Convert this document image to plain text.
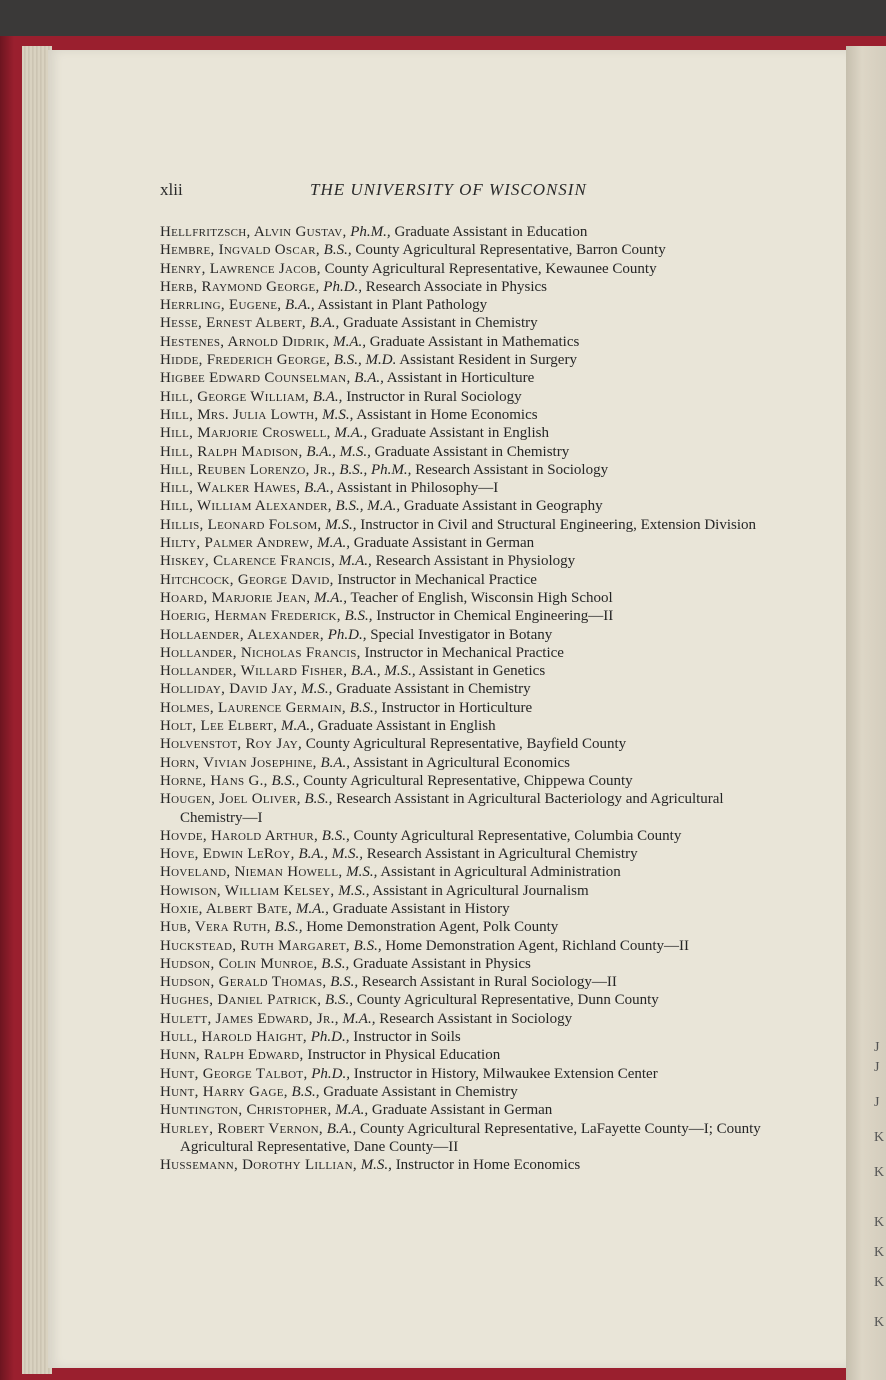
xlii	THE UNIVERSITY OF WISCONSIN
Hellfritzsch, Alvin Gustav, Ph.M., Graduate Assistant in Education
Hembre, Ingvald Oscar, B.S., County Agricultural Representative, Barron County
Henry, Lawrence Jacob, County Agricultural Representative, Kewaunee County
Herb, Raymond George, Ph.D., Research Associate in Physics
Herrling, Eugene, B.A., Assistant in Plant Pathology
Hesse, Ernest Albert, B.A., Graduate Assistant in Chemistry
Hestenes, Arnold Didrik, M.A., Graduate Assistant in Mathematics
Hidde, Frederich George, B.S., M.D. Assistant Resident in Surgery
Higbee Edward Counselman, B.A., Assistant in Horticulture
Hill, George William, B.A., Instructor in Rural Sociology
Hill, Mrs. Julia Lowth, M.S., Assistant in Home Economics
Hill, Marjorie Croswell, M.A., Graduate Assistant in English
Hill, Ralph Madison, B.A., M.S., Graduate Assistant in Chemistry
Hill, Reuben Lorenzo, Jr., B.S., Ph.M., Research Assistant in Sociology
Hill, Walker Hawes, B.A., Assistant in Philosophy—I
Hill, William Alexander, B.S., M.A., Graduate Assistant in Geography
Hillis, Leonard Folsom, M.S., Instructor in Civil and Structural Engineering, Extension Division
Hilty, Palmer Andrew, M.A., Graduate Assistant in German
Hiskey, Clarence Francis, M.A., Research Assistant in Physiology
Hitchcock, George David, Instructor in Mechanical Practice
Hoard, Marjorie Jean, M.A., Teacher of English, Wisconsin High School
Hoerig, Herman Frederick, B.S., Instructor in Chemical Engineering—II
Hollaender, Alexander, Ph.D., Special Investigator in Botany
Hollander, Nicholas Francis, Instructor in Mechanical Practice
Hollander, Willard Fisher, B.A., M.S., Assistant in Genetics
Holliday, David Jay, M.S., Graduate Assistant in Chemistry
Holmes, Laurence Germain, B.S., Instructor in Horticulture
Holt, Lee Elbert, M.A., Graduate Assistant in English
Holvenstot, Roy Jay, County Agricultural Representative, Bayfield County
Horn, Vivian Josephine, B.A., Assistant in Agricultural Economics
Horne, Hans G., B.S., County Agricultural Representative, Chippewa County
Hougen, Joel Oliver, B.S., Research Assistant in Agricultural Bacteriology and Agricultural Chemistry—I
Hovde, Harold Arthur, B.S., County Agricultural Representative, Columbia County
Hove, Edwin LeRoy, B.A., M.S., Research Assistant in Agricultural Chemistry
Hoveland, Nieman Howell, M.S., Assistant in Agricultural Administration
Howison, William Kelsey, M.S., Assistant in Agricultural Journalism
Hoxie, Albert Bate, M.A., Graduate Assistant in History
Hub, Vera Ruth, B.S., Home Demonstration Agent, Polk County
Huckstead, Ruth Margaret, B.S., Home Demonstration Agent, Richland County—II
Hudson, Colin Munroe, B.S., Graduate Assistant in Physics
Hudson, Gerald Thomas, B.S., Research Assistant in Rural Sociology—II
Hughes, Daniel Patrick, B.S., County Agricultural Representative, Dunn County
Hulett, James Edward, Jr., M.A., Research Assistant in Sociology
Hull, Harold Haight, Ph.D., Instructor in Soils
Hunn, Ralph Edward, Instructor in Physical Education
Hunt, George Talbot, Ph.D., Instructor in History, Milwaukee Extension Center
Hunt, Harry Gage, B.S., Graduate Assistant in Chemistry
Huntington, Christopher, M.A., Graduate Assistant in German
Hurley, Robert Vernon, B.A., County Agricultural Representative, LaFayette County—I; County Agricultural Representative, Dane County—II
Hussemann, Dorothy Lillian, M.S., Instructor in Home Economics
J
J
J
K
K
K
K
K
K
